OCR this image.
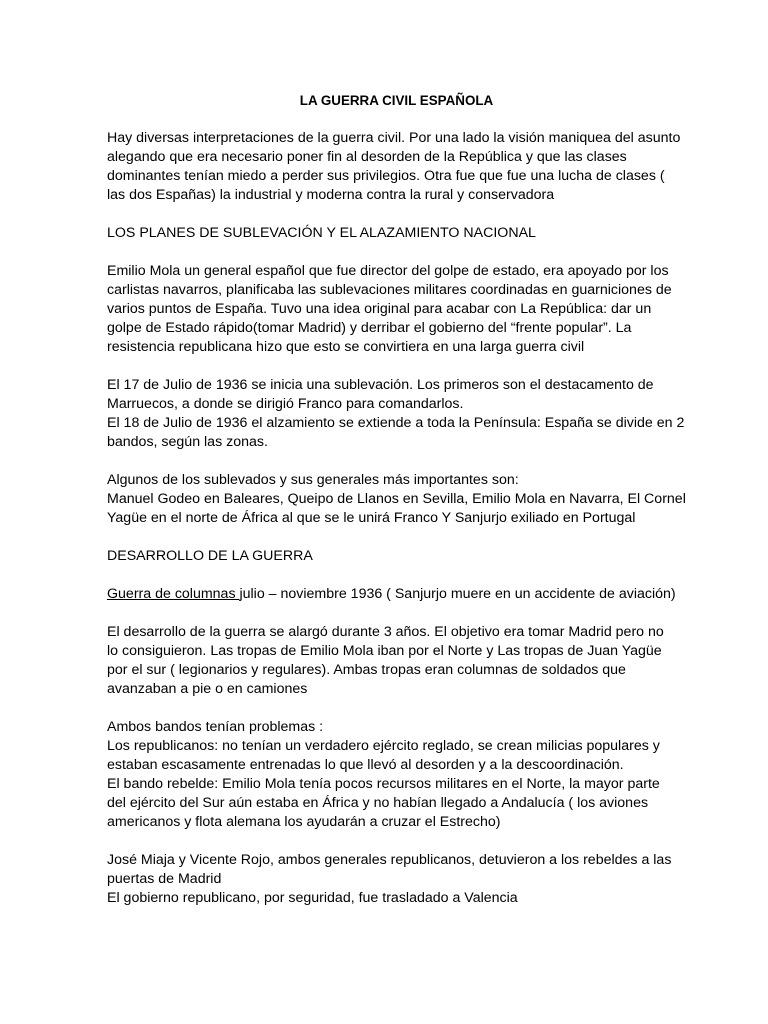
LA GUERRA CIVIL ESPAÑOLA

Hay diversas interpretaciones de la guerra civil. Por una lado la visión maniquea del asunto
alegando que era necesario poner fin al desorden de la República y que las clases
dominantes tenían miedo a perder sus privilegios. Otra fue que fue una lucha de clases (
las dos Españas) la industrial y moderna contra la rural y conservadora

LOS PLANES DE SUBLEVACIÓN Y EL ALAZAMIENTO NACIONAL

Emilio Mola un general español que fue director del golpe de estado, era apoyado por los
carlistas navarros, planificaba las sublevaciones militares coordinadas en guarniciones de
varios puntos de España. Tuvo una idea original para acabar con La República: dar un
golpe de Estado rápido(tomar Madrid) y derribar el gobierno del “frente popular”. La
resistencia republicana hizo que esto se convirtiera en una larga guerra civil

El 17 de Julio de 1936 se inicia una sublevación. Los primeros son el destacamento de
Marruecos, a donde se dirigió Franco para comandarlos.
El 18 de Julio de 1936 el alzamiento se extiende a toda la Península: España se divide en 2
bandos, según las zonas.

Algunos de los sublevados y sus generales más importantes son:
Manuel Godeo en Baleares, Queipo de Llanos en Sevilla, Emilio Mola en Navarra, El Cornel
Yagüe en el norte de África al que se le unirá Franco Y Sanjurjo exiliado en Portugal

DESARROLLO DE LA GUERRA

Guerra de columnas julio – noviembre 1936 ( Sanjurjo muere en un accidente de aviación)

El desarrollo de la guerra se alargó durante 3 años. El objetivo era tomar Madrid pero no
lo consiguieron. Las tropas de Emilio Mola iban por el Norte y Las tropas de Juan Yagüe
por el sur ( legionarios y regulares). Ambas tropas eran columnas de soldados que
avanzaban a pie o en camiones

Ambos bandos tenían problemas :
Los republicanos: no tenían un verdadero ejército reglado, se crean milicias populares y
estaban escasamente entrenadas lo que llevó al desorden y a la descoordinación.
El bando rebelde: Emilio Mola tenía pocos recursos militares en el Norte, la mayor parte
del ejército del Sur aún estaba en África y no habían llegado a Andalucía ( los aviones
americanos y flota alemana los ayudarán a cruzar el Estrecho)

José Miaja y Vicente Rojo, ambos generales republicanos, detuvieron a los rebeldes a las
puertas de Madrid
El gobierno republicano, por seguridad, fue trasladado a Valencia
